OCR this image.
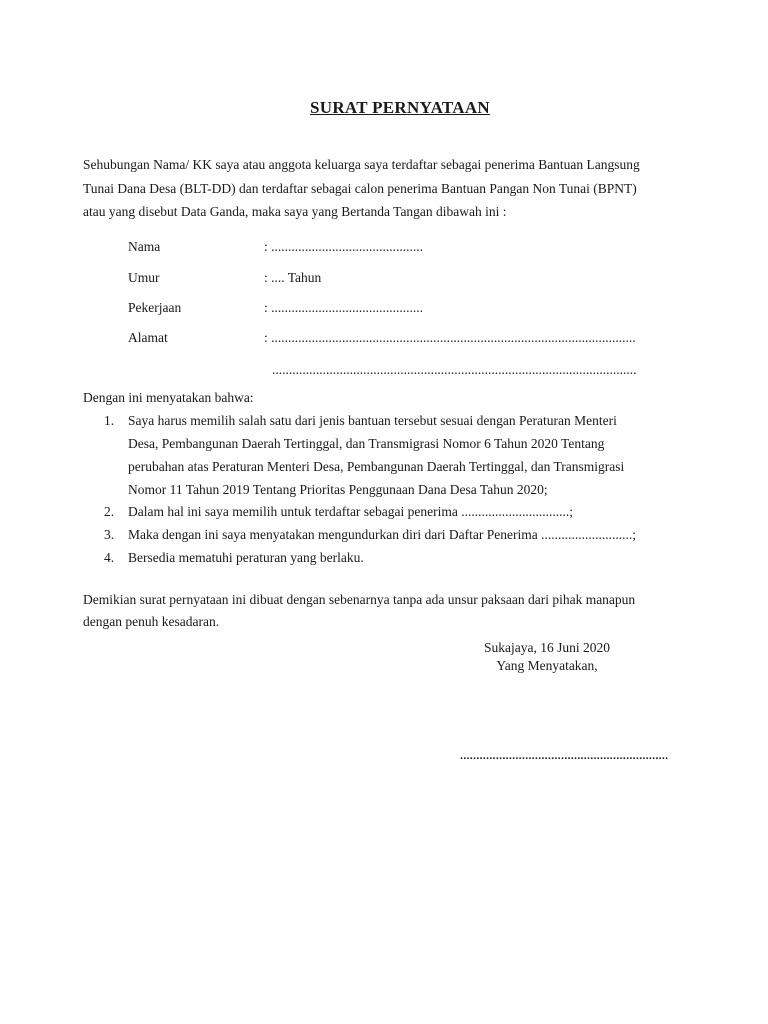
SURAT PERNYATAAN

Sehubungan Nama/ KK saya atau anggota keluarga saya terdaftar sebagai penerima Bantuan Langsung

Tunai Dana Desa (BLT-DD) dan terdaftar sebagai calon penerima Bantuan Pangan Non Tunai (BPNT)

atau yang disebut Data Ganda, maka saya yang Bertanda Tangan dibawah ini :

Nama	: .............................................
Umur	: .... Tahun
Pekerjaan	: .............................................
Alamat	: ............................................................................................................
............................................................................................................
Dengan ini menyatakan bahwa:
1. Saya harus memilih salah satu dari jenis bantuan tersebut sesuai dengan Peraturan Menteri
Desa, Pembangunan Daerah Tertinggal, dan Transmigrasi Nomor 6 Tahun 2020 Tentang
perubahan atas Peraturan Menteri Desa, Pembangunan Daerah Tertinggal, dan Transmigrasi
Nomor 11 Tahun 2019 Tentang Prioritas Penggunaan Dana Desa Tahun 2020;
2. Dalam hal ini saya memilih untuk terdaftar sebagai penerima ................................;
3. Maka dengan ini saya menyatakan mengundurkan diri dari Daftar Penerima ...........................;
4. Bersedia mematuhi peraturan yang berlaku.

Demikian surat pernyataan ini dibuat dengan sebenarnya tanpa ada unsur paksaan dari pihak manapun

dengan penuh kesadaran.

Sukajaya, 16 Juni 2020

Yang Menyatakan,

................................................................
